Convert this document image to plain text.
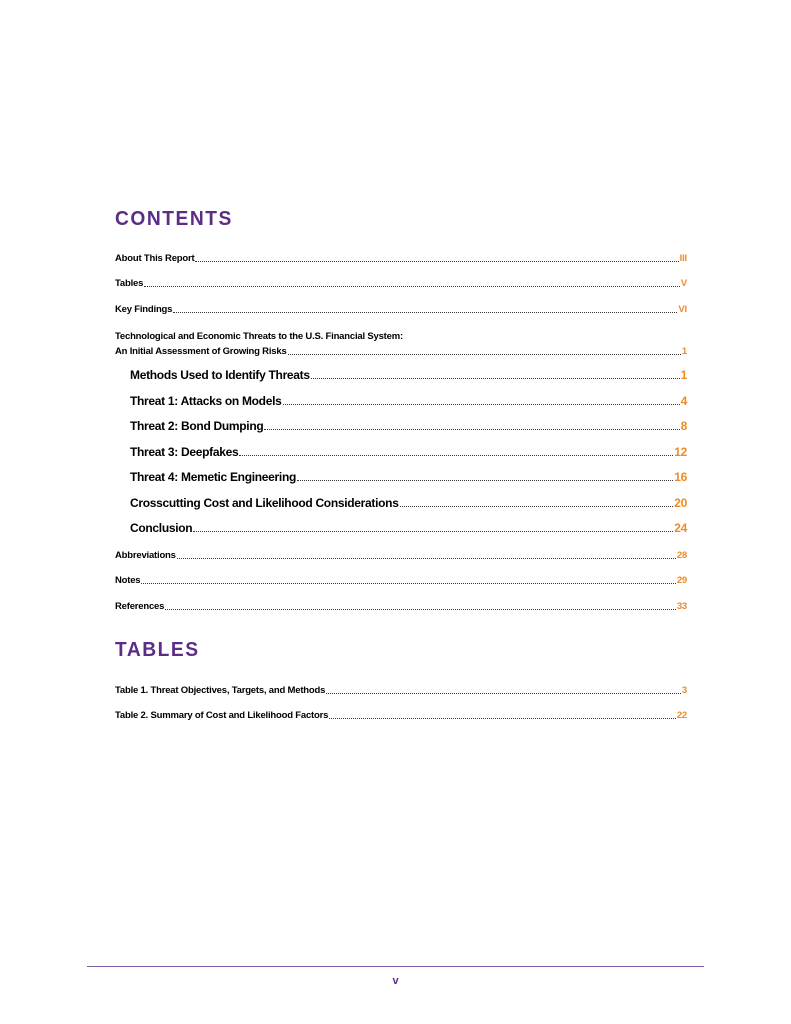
CONTENTS
About This Report	III
Tables	V
Key Findings	VI
Technological and Economic Threats to the U.S. Financial System:
An Initial Assessment of Growing Risks	1
Methods Used to Identify Threats	1
Threat 1: Attacks on Models	4
Threat 2: Bond Dumping	8
Threat 3: Deepfakes	12
Threat 4: Memetic Engineering	16
Crosscutting Cost and Likelihood Considerations	20
Conclusion	24
Abbreviations	28
Notes	29
References	33
TABLES
Table 1. Threat Objectives, Targets, and Methods	3
Table 2. Summary of Cost and Likelihood Factors	22
v
